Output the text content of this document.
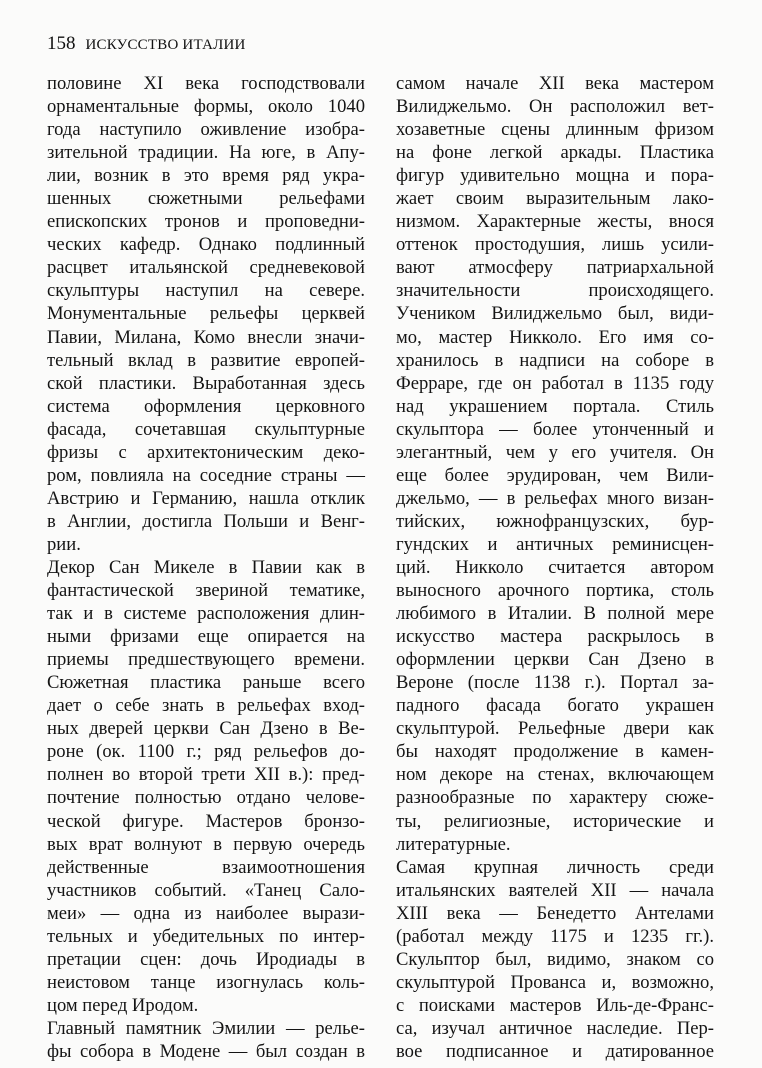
158 ИСКУССТВО ИТАЛИИ
половине XI века господствовали
орнаментальные формы, около 1040
года наступило оживление изобра-
зительной традиции. На юге, в Апу-
лии, возник в это время ряд укра-
шенных сюжетными рельефами
епископских тронов и проповедни-
ческих кафедр. Однако подлинный
расцвет итальянской средневековой
скульптуры наступил на севере.
Монументальные рельефы церквей
Павии, Милана, Комо внесли значи-
тельный вклад в развитие европей-
ской пластики. Выработанная здесь
система оформления церковного
фасада, сочетавшая скульптурные
фризы с архитектоническим деко-
ром, повлияла на соседние страны —
Австрию и Германию, нашла отклик
в Англии, достигла Польши и Венг-
рии.
Декор Сан Микеле в Павии как в
фантастической звериной тематике,
так и в системе расположения длин-
ными фризами еще опирается на
приемы предшествующего времени.
Сюжетная пластика раньше всего
дает о себе знать в рельефах вход-
ных дверей церкви Сан Дзено в Ве-
роне (ок. 1100 г.; ряд рельефов до-
полнен во второй трети XII в.): пред-
почтение полностью отдано челове-
ческой фигуре. Мастеров бронзо-
вых врат волнуют в первую очередь
действенные взаимоотношения
участников событий. «Танец Сало-
меи» — одна из наиболее вырази-
тельных и убедительных по интер-
претации сцен: дочь Иродиады в
неистовом танце изогнулась коль-
цом перед Иродом.
Главный памятник Эмилии — релье-
фы собора в Модене — был создан в
самом начале XII века мастером
Вилиджельмо. Он расположил вет-
хозаветные сцены длинным фризом
на фоне легкой аркады. Пластика
фигур удивительно мощна и пора-
жает своим выразительным лако-
низмом. Характерные жесты, внося
оттенок простодушия, лишь усили-
вают атмосферу патриархальной
значительности происходящего.
Учеником Вилиджельмо был, види-
мо, мастер Никколо. Его имя со-
хранилось в надписи на соборе в
Ферраре, где он работал в 1135 году
над украшением портала. Стиль
скульптора — более утонченный и
элегантный, чем у его учителя. Он
еще более эрудирован, чем Вили-
джельмо, — в рельефах много визан-
тийских, южнофранцузских, бур-
гундских и античных реминисцен-
ций. Никколо считается автором
выносного арочного портика, столь
любимого в Италии. В полной мере
искусство мастера раскрылось в
оформлении церкви Сан Дзено в
Вероне (после 1138 г.). Портал за-
падного фасада богато украшен
скульптурой. Рельефные двери как
бы находят продолжение в камен-
ном декоре на стенах, включающем
разнообразные по характеру сюже-
ты, религиозные, исторические и
литературные.
Самая крупная личность среди
итальянских ваятелей XII — начала
XIII века — Бенедетто Антелами
(работал между 1175 и 1235 гг.).
Скульптор был, видимо, знаком со
скульптурой Прованса и, возможно,
с поисками мастеров Иль-де-Франс-
са, изучал античное наследие. Пер-
вое подписанное и датированное
